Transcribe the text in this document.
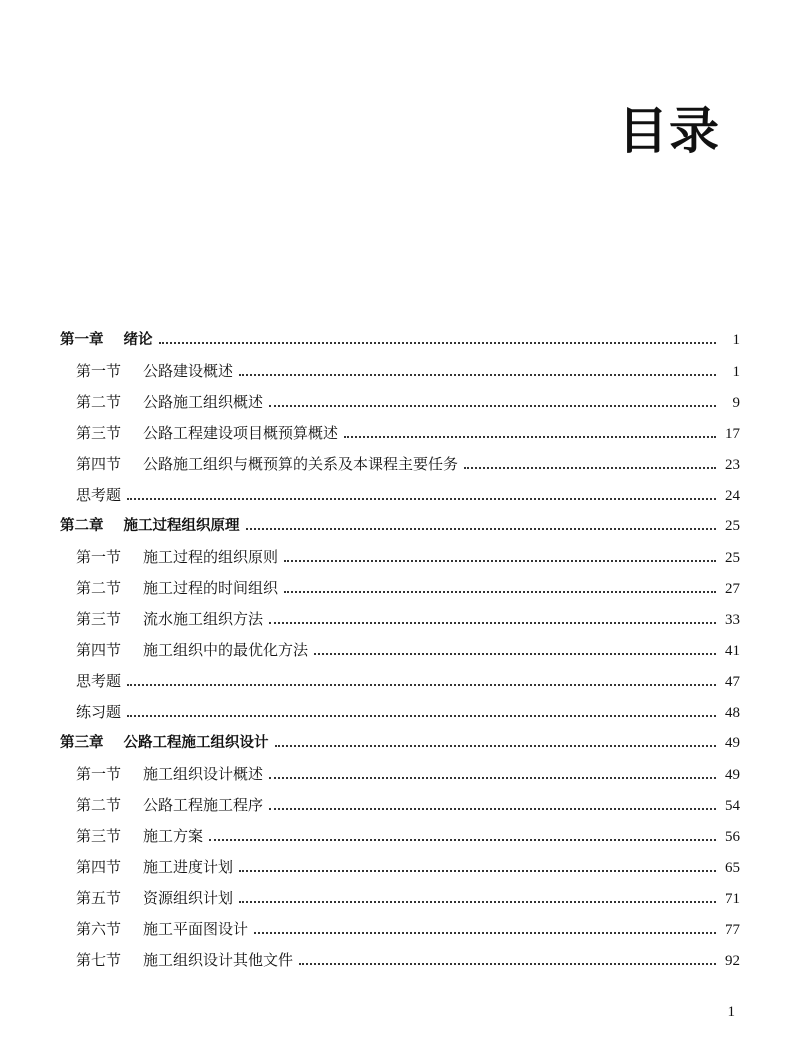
目录
第一章 绪论	1
第一节 公路建设概述	1
第二节 公路施工组织概述	9
第三节 公路工程建设项目概预算概述	17
第四节 公路施工组织与概预算的关系及本课程主要任务	23
思考题	24
第二章 施工过程组织原理	25
第一节 施工过程的组织原则	25
第二节 施工过程的时间组织	27
第三节 流水施工组织方法	33
第四节 施工组织中的最优化方法	41
思考题	47
练习题	48
第三章 公路工程施工组织设计	49
第一节 施工组织设计概述	49
第二节 公路工程施工程序	54
第三节 施工方案	56
第四节 施工进度计划	65
第五节 资源组织计划	71
第六节 施工平面图设计	77
第七节 施工组织设计其他文件	92
1
